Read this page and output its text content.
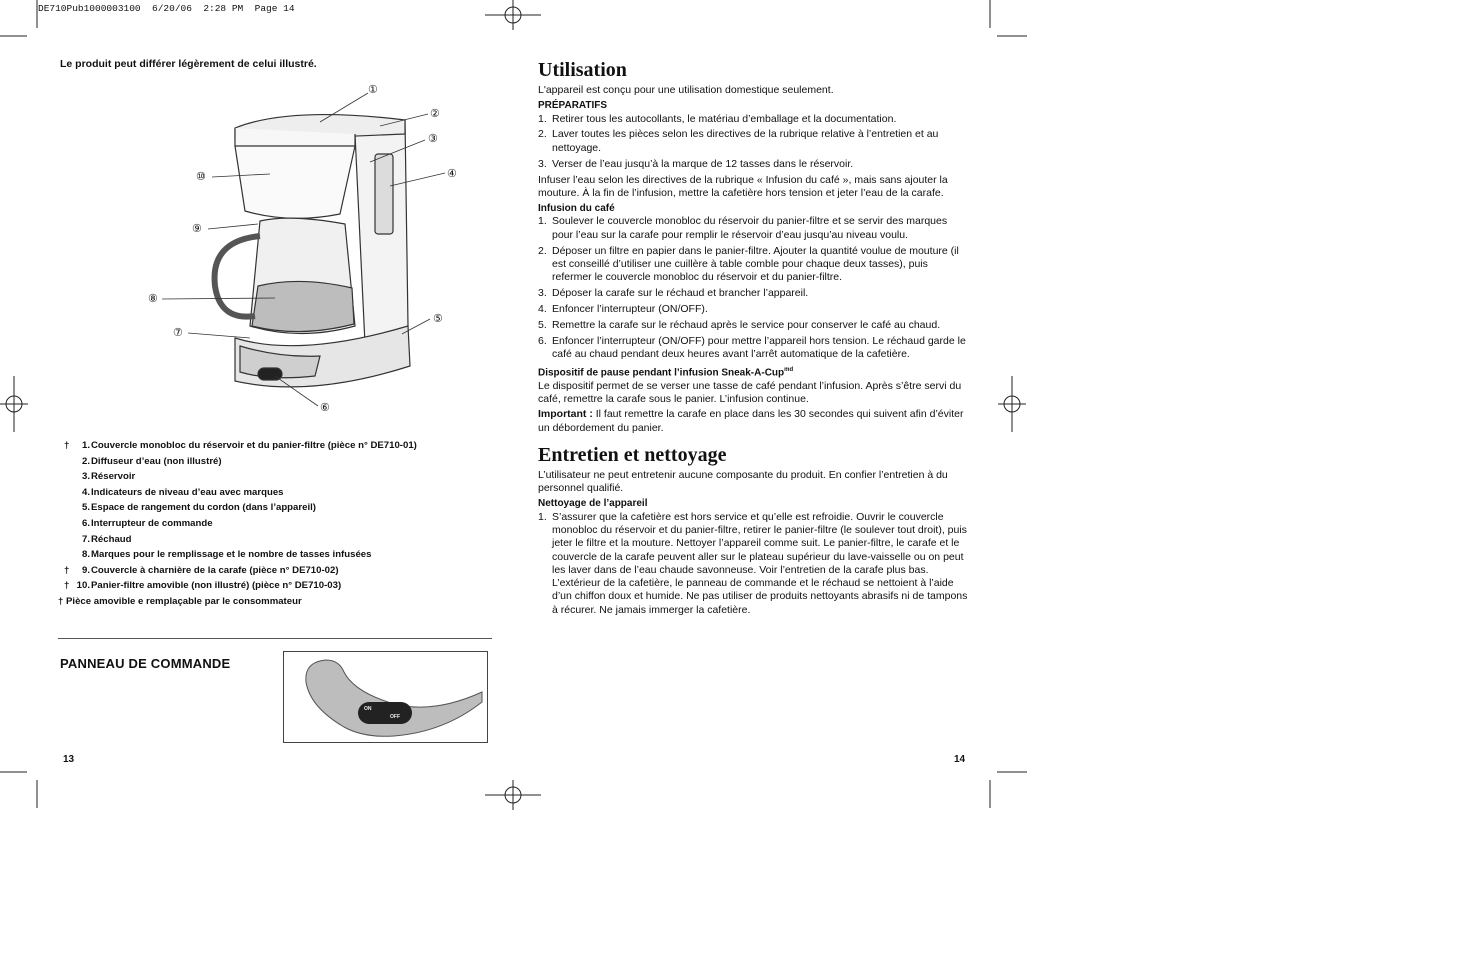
DE710Pub1000003100  6/20/06  2:28 PM  Page 14
Le produit peut différer légèrement de celui illustré.
①
②
③
④
⑤
⑥
⑦
⑧
⑨
⑩
†	1. Couvercle monobloc du réservoir et du panier-filtre (pièce n° DE710-01)
2. Diffuseur d’eau (non illustré)
3. Réservoir
4. Indicateurs de niveau d’eau avec marques
5. Espace de rangement du cordon (dans l’appareil)
6. Interrupteur de commande
7. Réchaud
8. Marques pour le remplissage et le nombre de tasses infusées
†	9. Couvercle à charnière de la carafe (pièce n° DE710-02)
† 10. Panier-filtre amovible (non illustré) (pièce n° DE710-03)
† Pièce amovible e remplaçable par le consommateur
PANNEAU DE COMMANDE
ON
OFF
13
Utilisation

L'appareil est conçu pour une utilisation domestique seulement.

PRÉPARATIFS

1. Retirer tous les autocollants, le matériau d’emballage et la documentation.
2. Laver toutes les pièces selon les directives de la rubrique relative à l’entretien et au nettoyage.
3. Verser de l’eau jusqu’à la marque de 12 tasses dans le réservoir.

Infuser l’eau selon les directives de la rubrique « Infusion du café », mais sans ajouter la mouture. À la fin de l’infusion, mettre la cafetière hors tension et jeter l’eau de la carafe.

Infusion du café

1. Soulever le couvercle monobloc du réservoir du panier-filtre et se servir des marques pour l’eau sur la carafe pour remplir le réservoir d’eau jusqu’au niveau voulu.
2. Déposer un filtre en papier dans le panier-filtre. Ajouter la quantité voulue de mouture (il est conseillé d’utiliser une cuillère à table comble pour chaque deux tasses), puis refermer le couvercle monobloc du réservoir et du panier-filtre.
3. Déposer la carafe sur le réchaud et brancher l’appareil.
4. Enfoncer l’interrupteur (ON/OFF).
5. Remettre la carafe sur le réchaud après le service pour conserver le café au chaud.
6. Enfoncer l’interrupteur (ON/OFF) pour mettre l’appareil hors tension. Le réchaud garde le café au chaud pendant deux heures avant l’arrêt automatique de la cafetière.

Dispositif de pause pendant l’infusion Sneak-A-Cup$^{md}$

Le dispositif permet de se verser une tasse de café pendant l’infusion. Après s’être servi du café, remettre la carafe sous le panier. L’infusion continue.

Important : Il faut remettre la carafe en place dans les 30 secondes qui suivent afin d’éviter un débordement du panier.

Entretien et nettoyage

L’utilisateur ne peut entretenir aucune composante du produit. En confier l’entretien à du personnel qualifié.

Nettoyage de l’appareil

1. S’assurer que la cafetière est hors service et qu’elle est refroidie. Ouvrir le couvercle monobloc du réservoir et du panier-filtre, retirer le panier-filtre (le soulever tout droit), puis jeter le filtre et la mouture. Nettoyer l’appareil comme suit. Le panier-filtre, le carafe et le couvercle de la carafe peuvent aller sur le plateau supérieur du lave-vaisselle ou on peut les laver dans de l’eau chaude savonneuse. Voir l’entretien de la carafe plus bas. L’extérieur de la cafetière, le panneau de commande et le réchaud se nettoient à l’aide d’un chiffon doux et humide. Ne pas utiliser de produits nettoyants abrasifs ni de tampons à récurer. Ne jamais immerger la cafetière.
14
